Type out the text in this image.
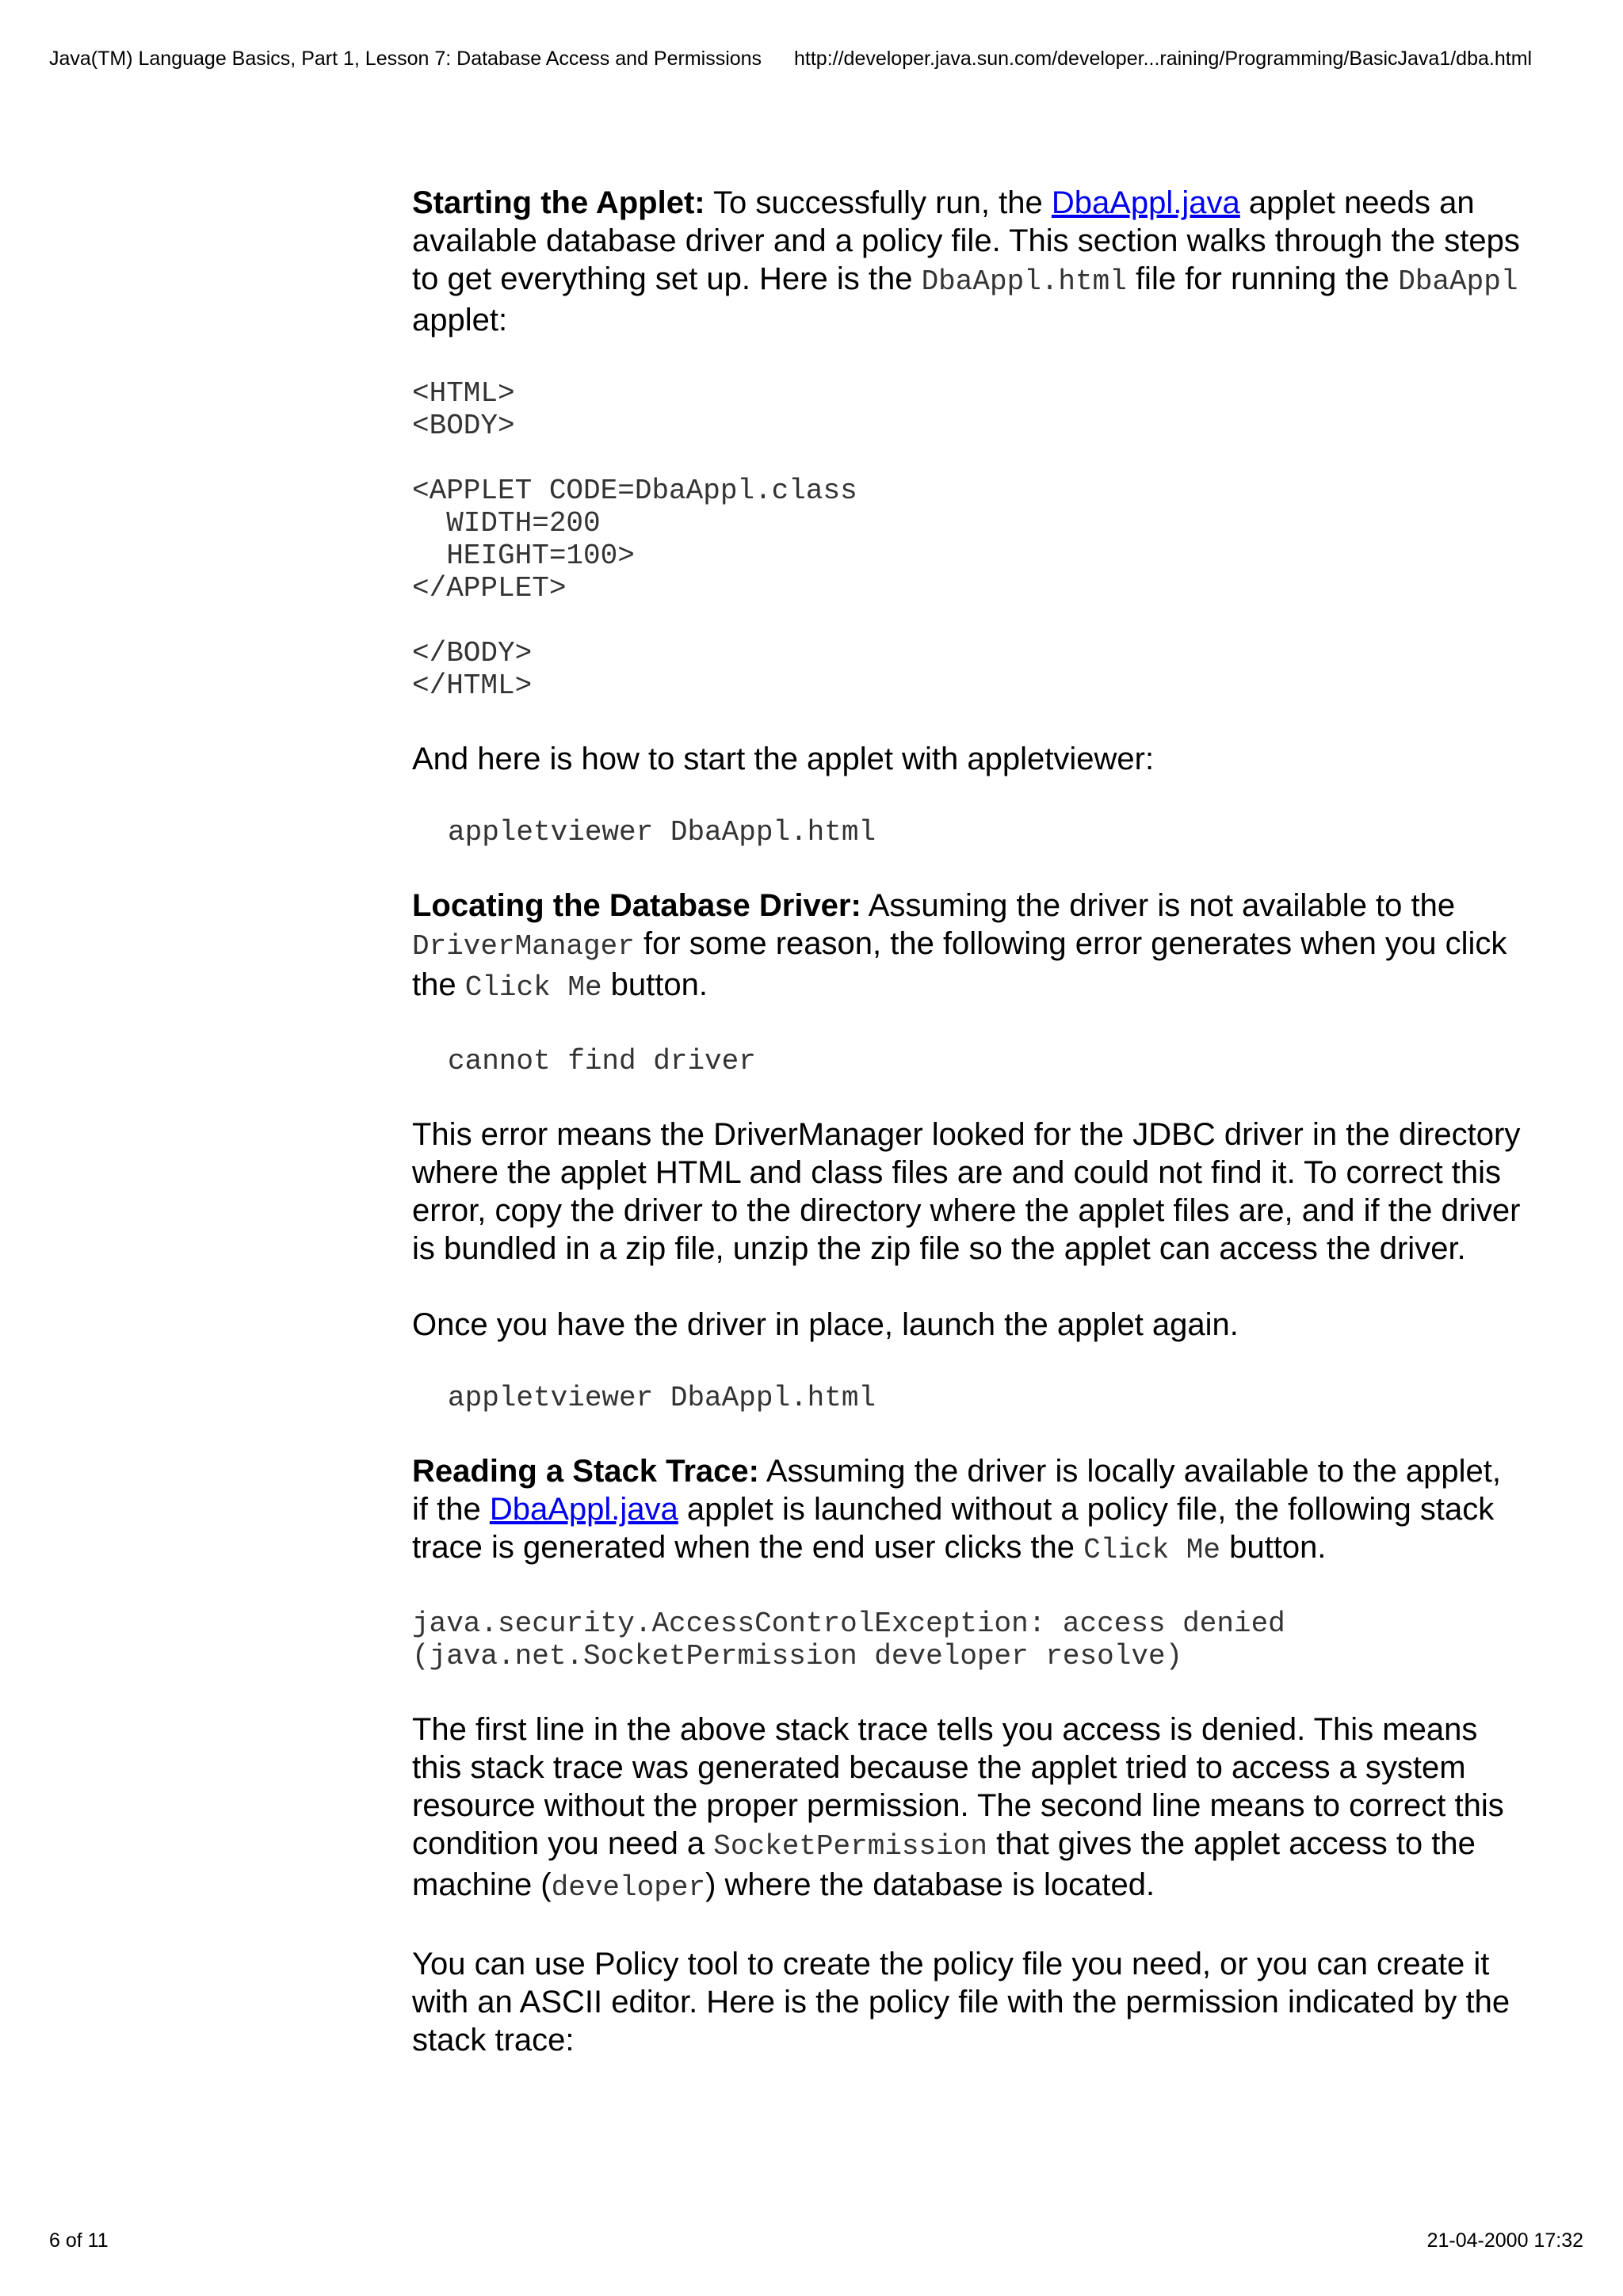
Java(TM) Language Basics, Part 1, Lesson 7: Database Access and Permissions http://developer.java.sun.com/developer...raining/Programming/BasicJava1/dba.html

Starting the Applet: To successfully run, the DbaAppl.java applet needs an available database driver and a policy file. This section walks through the steps to get everything set up. Here is the DbaAppl.html file for running the DbaAppl applet:

<HTML>
<BODY>

<APPLET CODE=DbaAppl.class
WIDTH=200
HEIGHT=100>
</APPLET>

</BODY>
</HTML>

And here is how to start the applet with appletviewer:

appletviewer DbaAppl.html

Locating the Database Driver: Assuming the driver is not available to the DriverManager for some reason, the following error generates when you click the Click Me button.

cannot find driver

This error means the DriverManager looked for the JDBC driver in the directory where the applet HTML and class files are and could not find it. To correct this error, copy the driver to the directory where the applet files are, and if the driver is bundled in a zip file, unzip the zip file so the applet can access the driver.

Once you have the driver in place, launch the applet again.

appletviewer DbaAppl.html

Reading a Stack Trace: Assuming the driver is locally available to the applet, if the DbaAppl.java applet is launched without a policy file, the following stack trace is generated when the end user clicks the Click Me button.

java.security.AccessControlException: access denied
(java.net.SocketPermission developer resolve)

The first line in the above stack trace tells you access is denied. This means this stack trace was generated because the applet tried to access a system resource without the proper permission. The second line means to correct this condition you need a SocketPermission that gives the applet access to the machine (developer) where the database is located.

You can use Policy tool to create the policy file you need, or you can create it with an ASCII editor. Here is the policy file with the permission indicated by the stack trace:

6 of 11	21-04-2000 17:32
